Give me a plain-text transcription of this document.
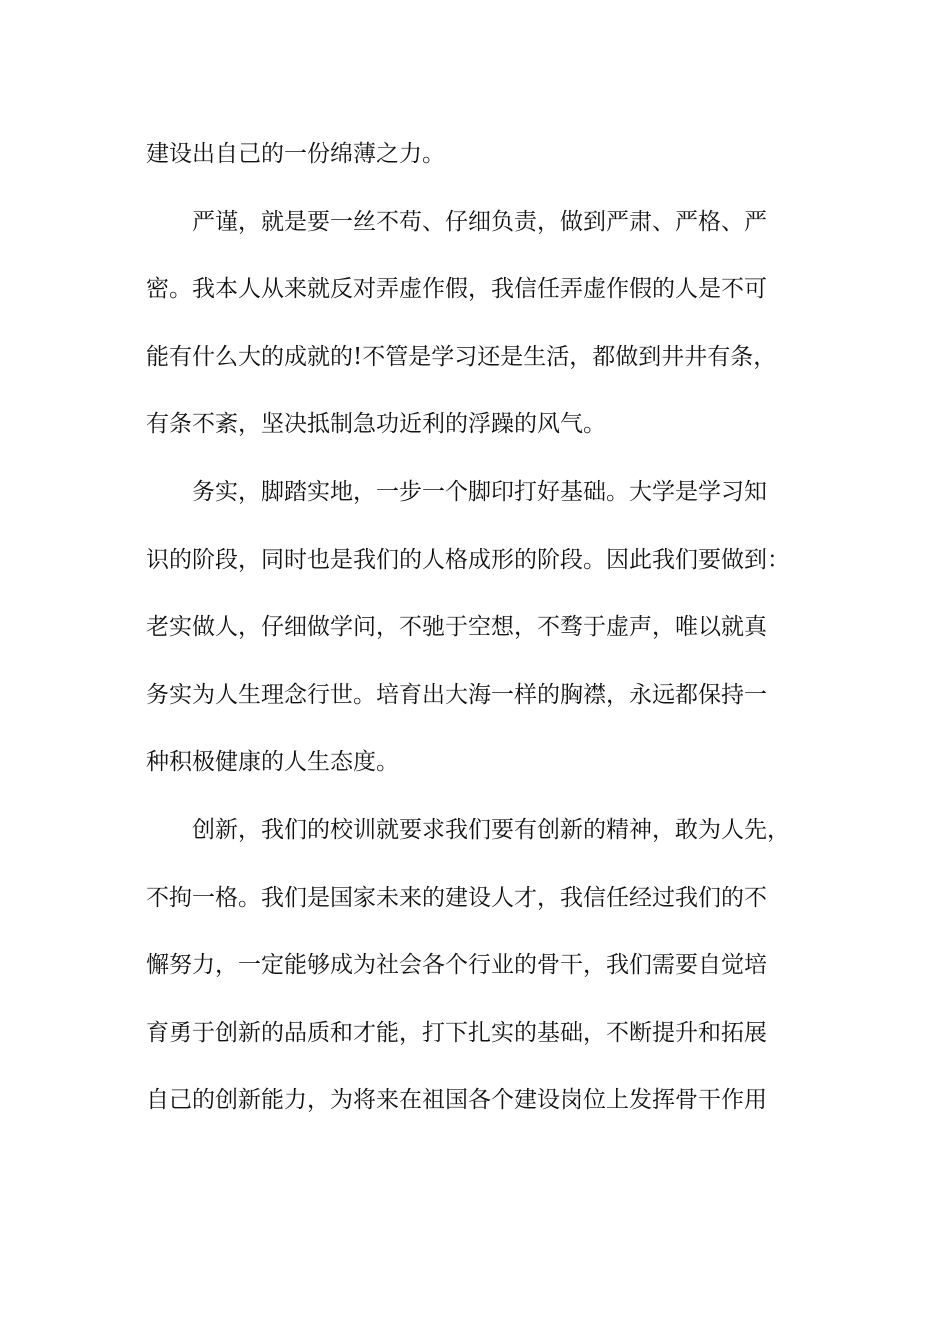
建设出自己的一份绵薄之力。
严谨，就是要一丝不苟、仔细负责，做到严肃、严格、严
密。我本人从来就反对弄虚作假，我信任弄虚作假的人是不可
能有什么大的成就的!不管是学习还是生活，都做到井井有条，
有条不紊，坚决抵制急功近利的浮躁的风气。
务实，脚踏实地，一步一个脚印打好基础。大学是学习知
识的阶段，同时也是我们的人格成形的阶段。因此我们要做到：
老实做人，仔细做学问，不驰于空想，不骛于虚声，唯以就真
务实为人生理念行世。培育出大海一样的胸襟，永远都保持一
种积极健康的人生态度。
创新，我们的校训就要求我们要有创新的精神，敢为人先，
不拘一格。我们是国家未来的建设人才，我信任经过我们的不
懈努力，一定能够成为社会各个行业的骨干，我们需要自觉培
育勇于创新的品质和才能，打下扎实的基础，不断提升和拓展
自己的创新能力，为将来在祖国各个建设岗位上发挥骨干作用
